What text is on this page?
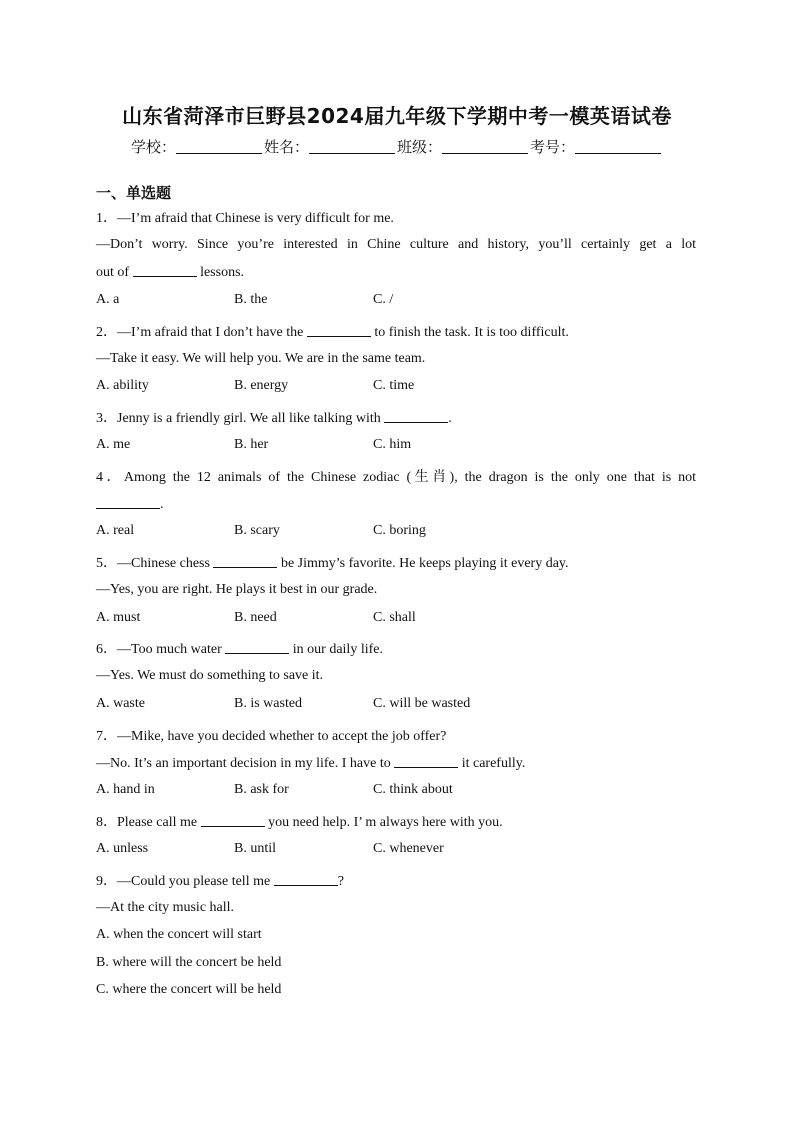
山东省菏泽市巨野县2024届九年级下学期中考一模英语试卷
学校：	姓名：	班级：	考号：
一、单选题
1．—I’m afraid that Chinese is very difficult for me.
—Don’t worry. Since you’re interested in Chine culture and history, you’ll certainly get a lot
out of	lessons.
A. a	B. the	C. /
2．—I’m afraid that I don’t have the	to finish the task. It is too difficult.
—Take it easy. We will help you. We are in the same team.
A. ability	B. energy	C. time
3．Jenny is a friendly girl. We all like talking with	.
A. me	B. her	C. him
4．Among the 12 animals of the Chinese zodiac (生肖), the dragon is the only one that is not
.
A. real	B. scary	C. boring
5．—Chinese chess	be Jimmy’s favorite. He keeps playing it every day.
—Yes, you are right. He plays it best in our grade.
A. must	B. need	C. shall
6．—Too much water	in our daily life.
—Yes. We must do something to save it.
A. waste	B. is wasted	C. will be wasted
7．—Mike, have you decided whether to accept the job offer?
—No. It’s an important decision in my life. I have to	it carefully.
A. hand in	B. ask for	C. think about
8．Please call me	you need help. I’ m always here with you.
A. unless	B. until	C. whenever
9．—Could you please tell me	?
—At the city music hall.
A. when the concert will start
B. where will the concert be held
C. where the concert will be held
